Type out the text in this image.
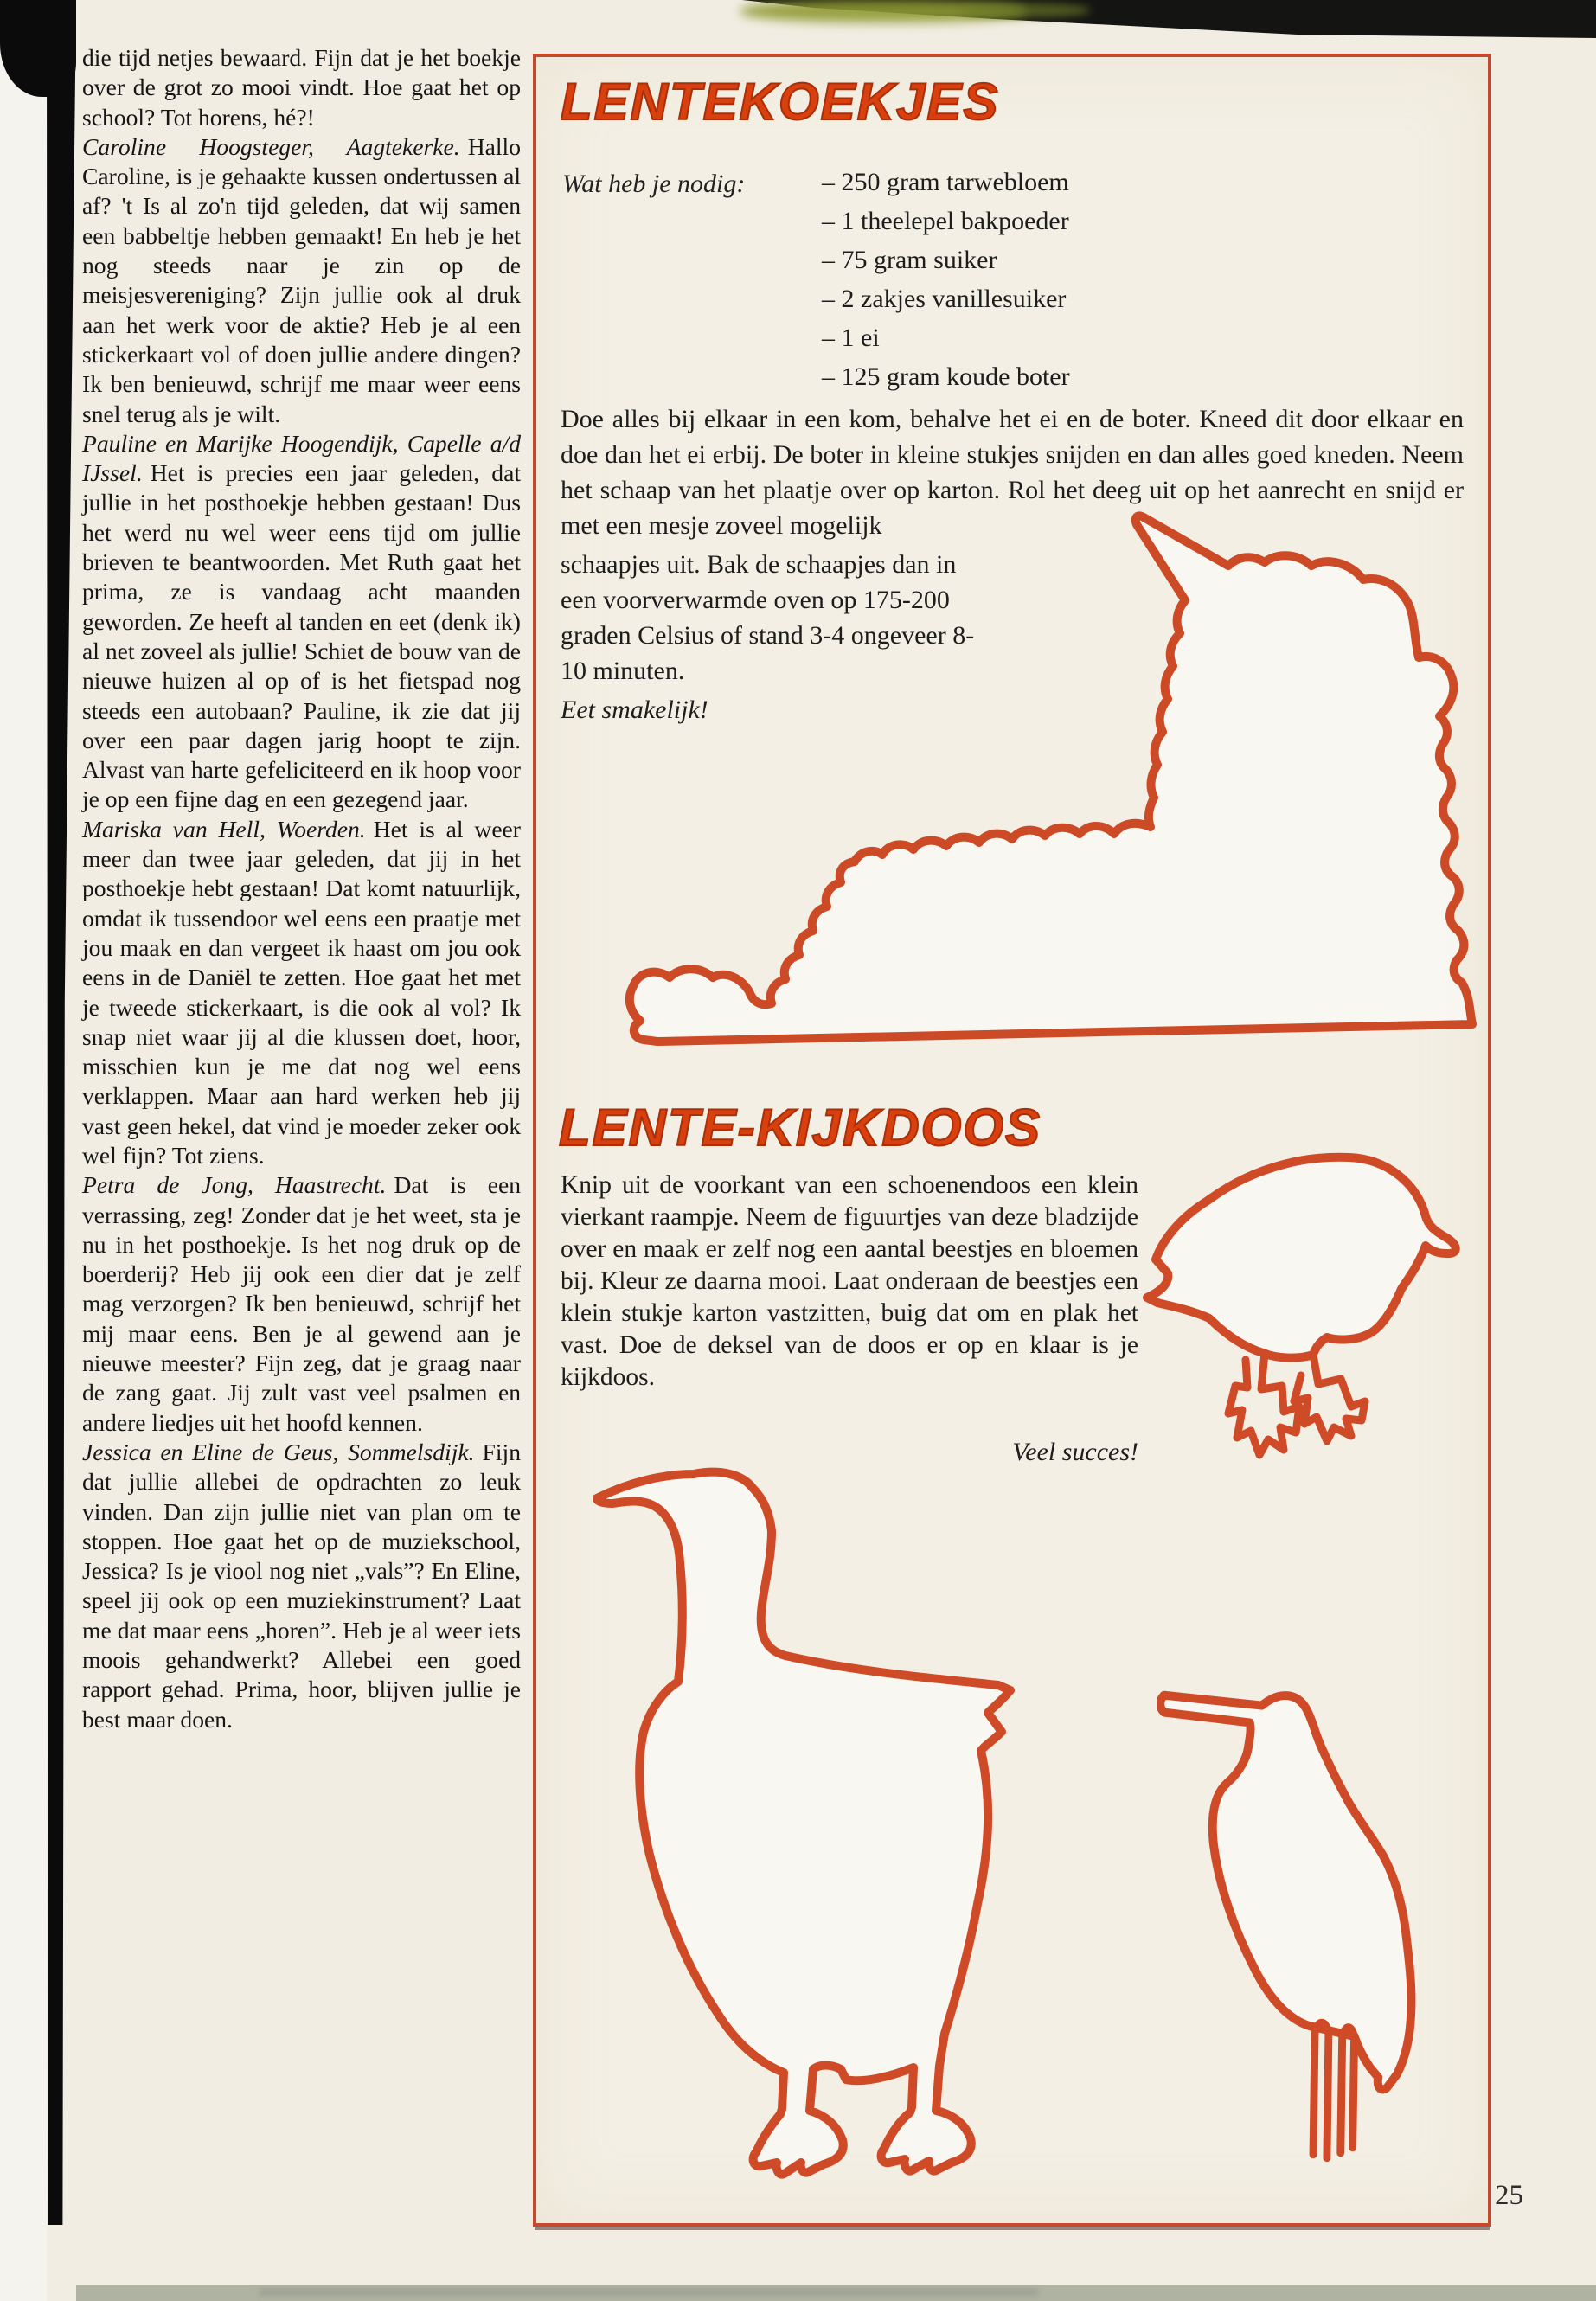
die tijd netjes bewaard. Fijn dat je het boekje over de grot zo mooi vindt. Hoe gaat het op school? Tot horens, hé?!

Caroline Hoogsteger, Aagtekerke. Hallo Caroline, is je gehaakte kussen ondertussen al af? 't Is al zo'n tijd geleden, dat wij samen een babbeltje hebben gemaakt! En heb je het nog steeds naar je zin op de meisjesvereniging? Zijn jullie ook al druk aan het werk voor de aktie? Heb je al een stickerkaart vol of doen jullie andere dingen? Ik ben benieuwd, schrijf me maar weer eens snel terug als je wilt.

Pauline en Marijke Hoogendijk, Capelle a/d IJssel. Het is precies een jaar geleden, dat jullie in het posthoekje hebben gestaan! Dus het werd nu wel weer eens tijd om jullie brieven te beantwoorden. Met Ruth gaat het prima, ze is vandaag acht maanden geworden. Ze heeft al tanden en eet (denk ik) al net zoveel als jullie! Schiet de bouw van de nieuwe huizen al op of is het fietspad nog steeds een autobaan? Pauline, ik zie dat jij over een paar dagen jarig hoopt te zijn. Alvast van harte gefeliciteerd en ik hoop voor je op een fijne dag en een gezegend jaar.

Mariska van Hell, Woerden. Het is al weer meer dan twee jaar geleden, dat jij in het posthoekje hebt gestaan! Dat komt natuurlijk, omdat ik tussendoor wel eens een praatje met jou maak en dan vergeet ik haast om jou ook eens in de Daniël te zetten. Hoe gaat het met je tweede stickerkaart, is die ook al vol? Ik snap niet waar jij al die klussen doet, hoor, misschien kun je me dat nog wel eens verklappen. Maar aan hard werken heb jij vast geen hekel, dat vind je moeder zeker ook wel fijn? Tot ziens.

Petra de Jong, Haastrecht. Dat is een verrassing, zeg! Zonder dat je het weet, sta je nu in het posthoekje. Is het nog druk op de boerderij? Heb jij ook een dier dat je zelf mag verzorgen? Ik ben benieuwd, schrijf het mij maar eens. Ben je al gewend aan je nieuwe meester? Fijn zeg, dat je graag naar de zang gaat. Jij zult vast veel psalmen en andere liedjes uit het hoofd kennen.

Jessica en Eline de Geus, Sommelsdijk. Fijn dat jullie allebei de opdrachten zo leuk vinden. Dan zijn jullie niet van plan om te stoppen. Hoe gaat het op de muziekschool, Jessica? Is je viool nog niet „vals”? En Eline, speel jij ook op een muziekinstrument? Laat me dat maar eens „horen”. Heb je al weer iets moois gehandwerkt? Allebei een goed rapport gehad. Prima, hoor, blijven jullie je best maar doen.

LENTEKOEKJES
Wat heb je nodig:	– 250 gram tarwebloem
– 1 theelepel bakpoeder
– 75 gram suiker
– 2 zakjes vanillesuiker
– 1 ei
– 125 gram koude boter

Doe alles bij elkaar in een kom, behalve het ei en de boter. Kneed dit door elkaar en doe dan het ei erbij. De boter in kleine stukjes snijden en dan alles goed kneden. Neem het schaap van het plaatje over op karton. Rol het deeg uit op het aanrecht en snijd er met een mesje zoveel mogelijk

schaapjes uit. Bak de schaapjes dan in een voorverwarmde oven op 175-200 graden Celsius of stand 3-4 ongeveer 8-10 minuten.

Eet smakelijk!
LENTE-KIJKDOOS

Knip uit de voorkant van een schoenendoos een klein vierkant raampje. Neem de figuurtjes van deze bladzijde over en maak er zelf nog een aantal beestjes en bloemen bij. Kleur ze daarna mooi. Laat onderaan de beestjes een klein stukje karton vastzitten, buig dat om en plak het vast. Doe de deksel van de doos er op en klaar is je kijkdoos.

Veel succes!
25
